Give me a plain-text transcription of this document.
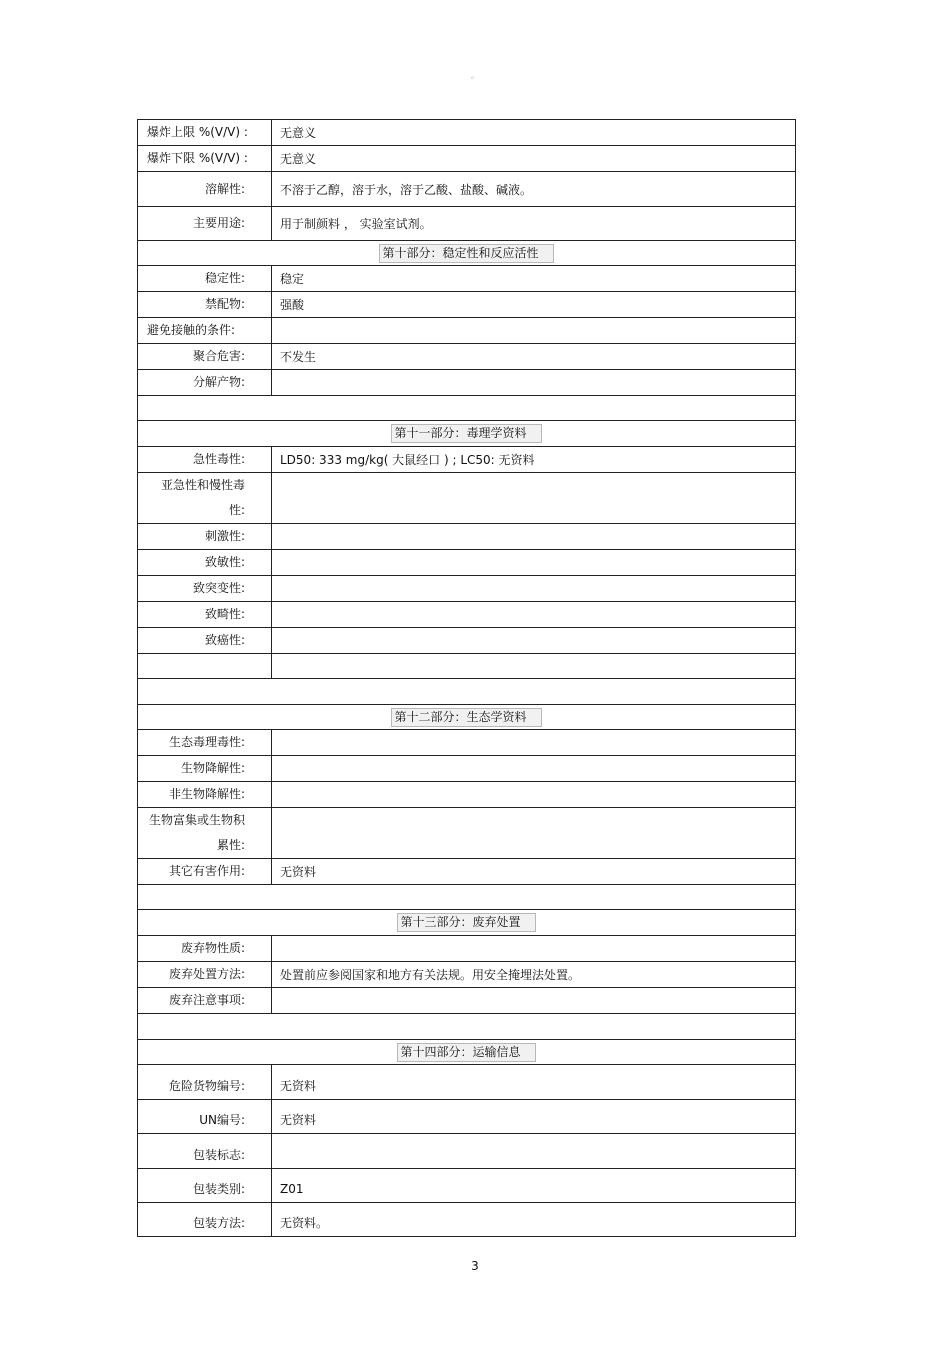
。
爆炸上限 %(V/V) :	无意义
爆炸下限 %(V/V) :	无意义
溶解性:	不溶于乙醇，溶于水，溶于乙酸、盐酸、碱液。
主要用途:	用于制颜料 ， 实验室试剂。
第十部分：稳定性和反应活性	
稳定性:	稳定
禁配物:	强酸
避免接触的条件:	
聚合危害:	不发生
分解产物:	

第十一部分：毒理学资料	
急性毒性:	LD50: 333 mg/kg( 大鼠经口 ) ; LC50: 无资料

亚急性和慢性毒
性:	

刺激性:	
致敏性:	
致突变性:	
致畸性:	
致癌性:	

第十二部分：生态学资料	
生态毒理毒性:	
生物降解性:	
非生物降解性:	

生物富集或生物积
累性:	

其它有害作用:	无资料

第十三部分：废弃处置	
废弃物性质:	
废弃处置方法:	处置前应参阅国家和地方有关法规。用安全掩埋法处置。
废弃注意事项:	

第十四部分：运输信息	
危险货物编号:	无资料
UN编号:	无资料
包装标志:	
包装类别:	Z01
包装方法:	无资料。
3
